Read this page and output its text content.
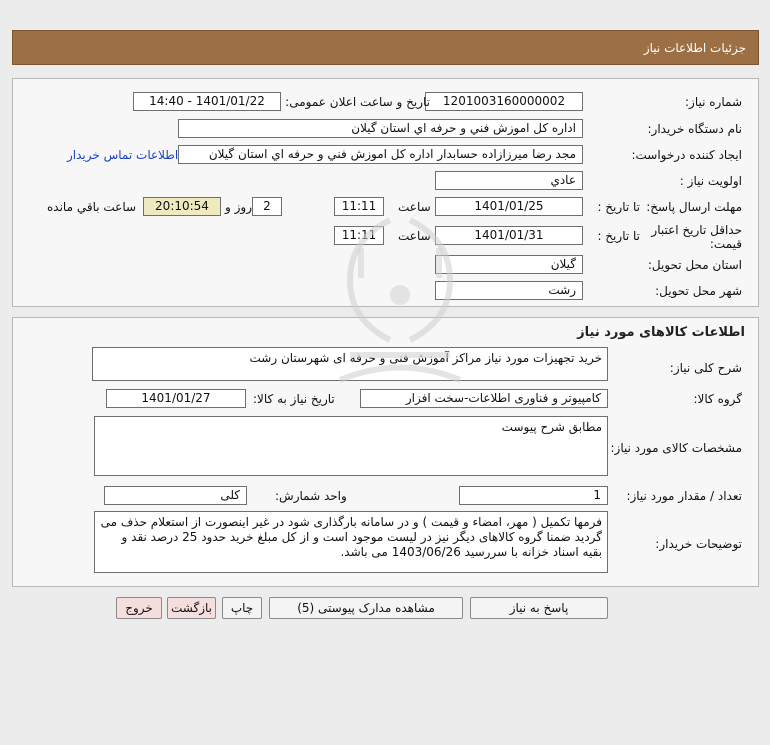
جزئیات اطلاعات نیاز
شماره نیاز:
1201003160000002
تاریخ و ساعت اعلان عمومی:
1401/01/22 - 14:40
نام دستگاه خریدار:
اداره کل اموزش فني و حرفه اي استان گيلان
ایجاد کننده درخواست:
مجد رضا ميرزازاده حسابدار اداره كل اموزش فني و حرفه اي استان گيلان
اطلاعات تماس خریدار
اولویت نیاز :
عادي
مهلت ارسال پاسخ:
تا تاریخ :
1401/01/25
ساعت
11:11
2
روز و
20:10:54
ساعت باقي مانده
حداقل تاریخ اعتبار
قیمت:
تا تاریخ :
1401/01/31
ساعت
11:11
استان محل تحویل:
گيلان
شهر محل تحویل:
رشت
اطلاعات کالاهای مورد نیاز
شرح کلی نیاز:
خرید تجهیزات مورد نیاز مراکز آموزش فنی و حرفه ای شهرستان رشت
گروه کالا:
کامپیوتر و فناوری اطلاعات-سخت افزار
تاریخ نیاز به کالا:
1401/01/27
مشخصات کالای مورد نیاز:
مطابق شرح پیوست
تعداد / مقدار مورد نیاز:
1
واحد شمارش:
کلی
توضیحات خریدار:
فرمها تکمیل ( مهر، امضاء و قیمت ) و در سامانه بارگذاری شود در غیر اینصورت از استعلام حذف می گردید ضمنا گروه کالاهای دیگر نیز در لیست موجود است و از کل مبلغ خرید حدود 25 درصد نقد و بقیه اسناد خزانه با سررسید 1403/06/26 می باشد.
پاسخ به نیاز
مشاهده مدارک پیوستی (5)
چاپ
بازگشت
خروج
